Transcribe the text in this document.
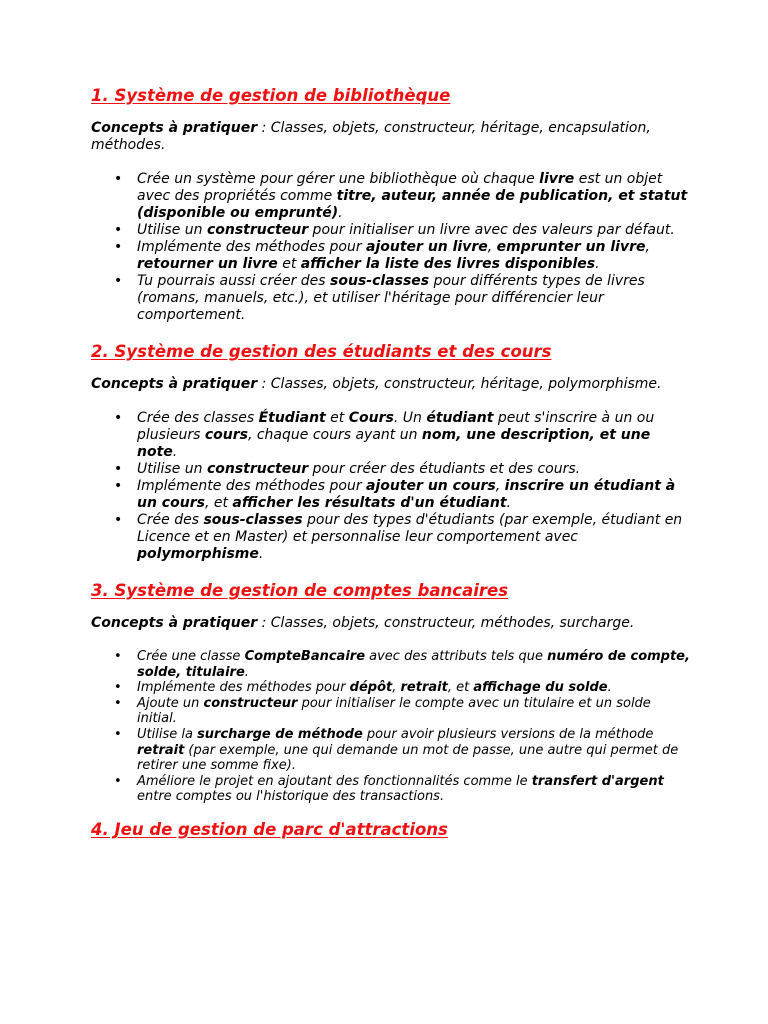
1. Système de gestion de bibliothèque

Concepts à pratiquer : Classes, objets, constructeur, héritage, encapsulation, méthodes.

• Crée un système pour gérer une bibliothèque où chaque livre est un objet avec des propriétés comme titre, auteur, année de publication, et statut (disponible ou emprunté).
• Utilise un constructeur pour initialiser un livre avec des valeurs par défaut.
• Implémente des méthodes pour ajouter un livre, emprunter un livre, retourner un livre et afficher la liste des livres disponibles.
• Tu pourrais aussi créer des sous-classes pour différents types de livres (romans, manuels, etc.), et utiliser l'héritage pour différencier leur comportement.
2. Système de gestion des étudiants et des cours

Concepts à pratiquer : Classes, objets, constructeur, héritage, polymorphisme.

• Crée des classes Étudiant et Cours. Un étudiant peut s'inscrire à un ou plusieurs cours, chaque cours ayant un nom, une description, et une note.
• Utilise un constructeur pour créer des étudiants et des cours.
• Implémente des méthodes pour ajouter un cours, inscrire un étudiant à un cours, et afficher les résultats d'un étudiant.
• Crée des sous-classes pour des types d'étudiants (par exemple, étudiant en Licence et en Master) et personnalise leur comportement avec polymorphisme.
3. Système de gestion de comptes bancaires

Concepts à pratiquer : Classes, objets, constructeur, méthodes, surcharge.

• Crée une classe CompteBancaire avec des attributs tels que numéro de compte, solde, titulaire.
• Implémente des méthodes pour dépôt, retrait, et affichage du solde.
• Ajoute un constructeur pour initialiser le compte avec un titulaire et un solde initial.
• Utilise la surcharge de méthode pour avoir plusieurs versions de la méthode retrait (par exemple, une qui demande un mot de passe, une autre qui permet de retirer une somme fixe).
• Améliore le projet en ajoutant des fonctionnalités comme le transfert d'argent entre comptes ou l'historique des transactions.
4. Jeu de gestion de parc d'attractions
